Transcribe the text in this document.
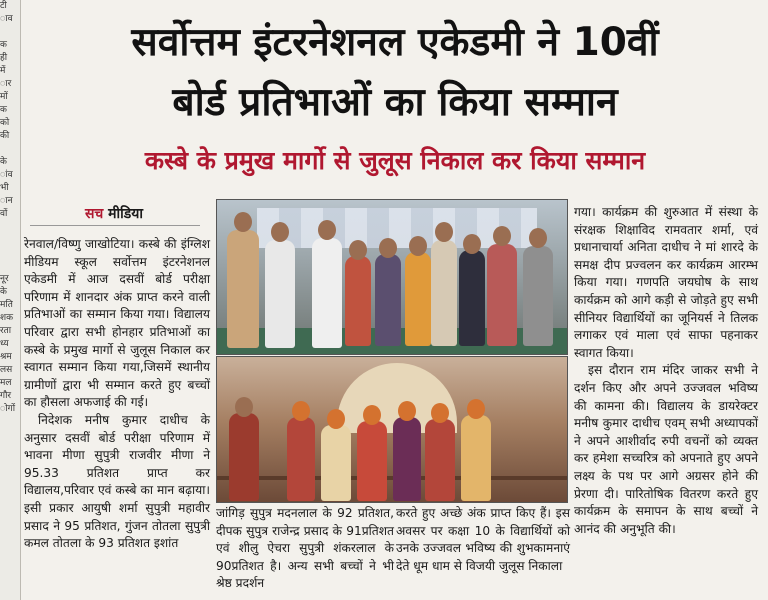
टी
ाव

क
ही
में
ार
मों
क
को
की

के
ांव
भी
ान
वों

नूर
के
मति
शक
रता
ध्य
श्रम
लस
मल
गौर
ोगों
सर्वोत्तम इंटरनेशनल एकेडमी ने 10वीं
बोर्ड प्रतिभाओं का किया सम्मान
कस्बे के प्रमुख मार्गो से जुलूस निकाल कर किया सम्मान
सच मीडिया

रेनवाल/विष्णु जाखोटिया। कस्बे की इंग्लिश मीडियम स्कूल सर्वोत्तम इंटरनेशनल एकेडमी में आज दसवीं बोर्ड परीक्षा परिणाम में शानदार अंक प्राप्त करने वाली प्रतिभाओं का सम्मान किया गया। विद्यालय परिवार द्वारा सभी होनहार प्रतिभाओं का कस्बे के प्रमुख मार्गो से जुलूस निकाल कर स्वागत सम्मान किया गया,जिसमें स्थानीय ग्रामीणों द्वारा भी सम्मान करते हुए बच्चों का हौसला अफजाई की गई।

निदेशक मनीष कुमार दाधीच के अनुसार दसवीं बोर्ड परीक्षा परिणाम में भावना मीणा सुपुत्री राजवीर मीणा ने 95.33 प्रतिशत प्राप्त कर विद्यालय,परिवार एवं कस्बे का मान बढ़ाया। इसी प्रकार आयुषी शर्मा सुपुत्री महावीर प्रसाद ने 95 प्रतिशत, गुंजन तोतला सुपुत्री कमल तोतला के 93 प्रतिशत इशांत

जांगिड़ सुपुत्र मदनलाल के 92 प्रतिशत, दीपक सुपुत्र राजेन्द्र प्रसाद के 91प्रतिशत एवं शीलु ऐचरा सुपुत्री शंकरलाल के 90प्रतिशत है। अन्य सभी बच्चों ने भी श्रेष्ठ प्रदर्शन

करते हुए अच्छे अंक प्राप्त किए हैं। इस अवसर पर कक्षा 10 के विद्यार्थियों को उनके उज्जवल भविष्य की शुभकामनाएं देते धूम धाम से विजयी जुलूस निकाला

गया। कार्यक्रम की शुरुआत में संस्था के संरक्षक शिक्षाविद रामवतार शर्मा, एवं प्रधानाचार्या अनिता दाधीच ने मां शारदे के समक्ष दीप प्रज्वलन कर कार्यक्रम आरम्भ किया गया। गणपति जयघोष के साथ कार्यक्रम को आगे कड़ी से जोड़ते हुए सभी सीनियर विद्यार्थियों का जूनियर्स ने तिलक लगाकर एवं माला एवं साफा पहनाकर स्वागत किया।

इस दौरान राम मंदिर जाकर सभी ने दर्शन किए और अपने उज्जवल भविष्य की कामना की। विद्यालय के डायरेक्टर मनीष कुमार दाधीच एवम् सभी अध्यापकों ने अपने आशीर्वाद रुपी वचनों को व्यक्त कर हमेशा सच्चरित्र को अपनाते हुए अपने लक्ष्य के पथ पर आगे अग्रसर होने की प्रेरणा दी। पारितोषिक वितरण करते हुए कार्यक्रम के समापन के साथ बच्चों ने आनंद की अनुभूति की।
